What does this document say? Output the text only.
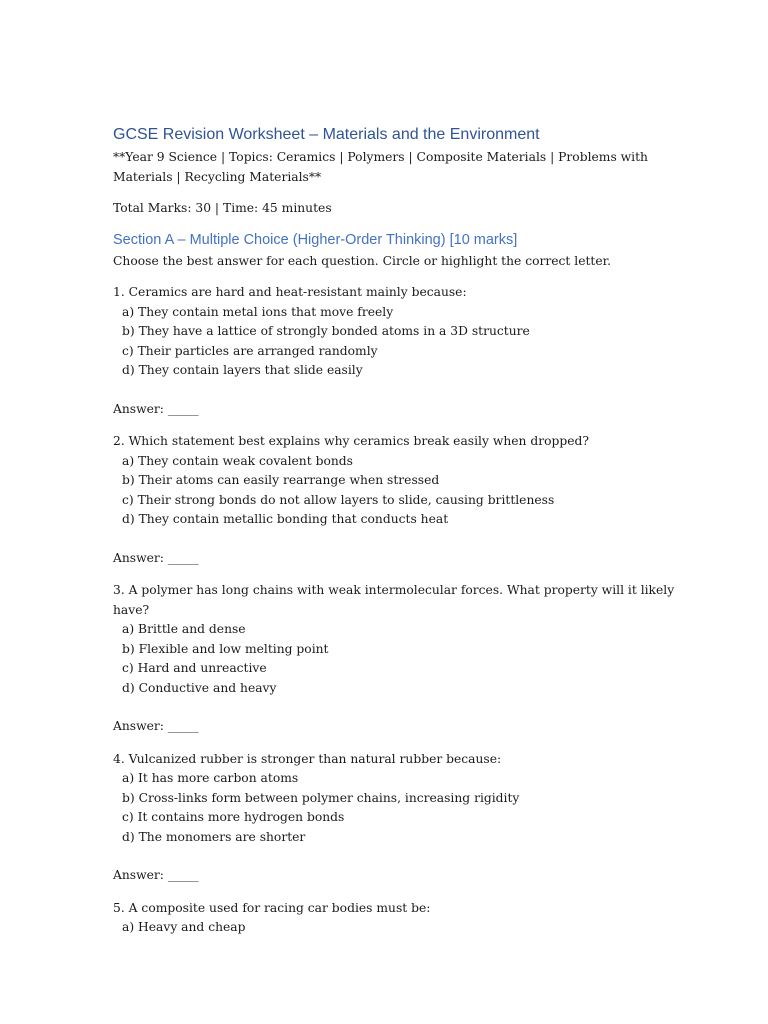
GCSE Revision Worksheet – Materials and the Environment

**Year 9 Science | Topics: Ceramics | Polymers | Composite Materials | Problems with
Materials | Recycling Materials**

Total Marks: 30 | Time: 45 minutes

Section A – Multiple Choice (Higher-Order Thinking) [10 marks]

Choose the best answer for each question. Circle or highlight the correct letter.

1. Ceramics are hard and heat-resistant mainly because:

a) They contain metal ions that move freely
b) They have a lattice of strongly bonded atoms in a 3D structure
c) Their particles are arranged randomly
d) They contain layers that slide easily

Answer: _____

2. Which statement best explains why ceramics break easily when dropped?

a) They contain weak covalent bonds
b) Their atoms can easily rearrange when stressed
c) Their strong bonds do not allow layers to slide, causing brittleness
d) They contain metallic bonding that conducts heat

Answer: _____

3. A polymer has long chains with weak intermolecular forces. What property will it likely
have?

a) Brittle and dense
b) Flexible and low melting point
c) Hard and unreactive
d) Conductive and heavy

Answer: _____

4. Vulcanized rubber is stronger than natural rubber because:

a) It has more carbon atoms
b) Cross-links form between polymer chains, increasing rigidity
c) It contains more hydrogen bonds
d) The monomers are shorter

Answer: _____

5. A composite used for racing car bodies must be:

a) Heavy and cheap
